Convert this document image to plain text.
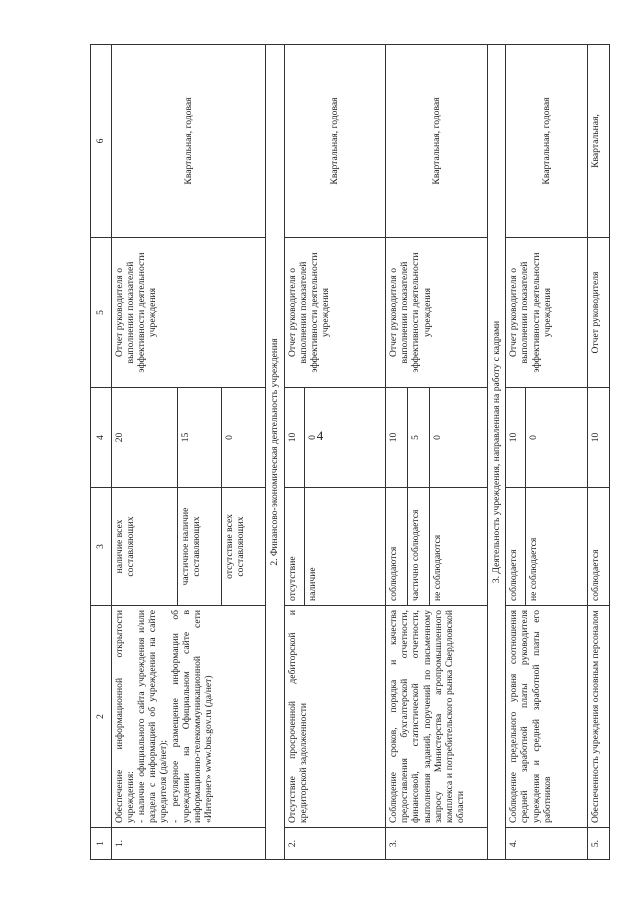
4
1	2	3	4	5	6
1.	Обеспечение информационной открытости учреждения: - наличие официального сайта учреждения и/или раздела с информацией об учреждении на сайте учредителя (да/нет); - регулярное размещение информации об учреждении на Официальном сайте в информационно-телекоммуникационной сети «Интернет» www.bus.gov.ru (да/нет)	наличие всех составляющих	20	Отчет руководителя о выполнении показателей эффективности деятельности учреждения	Квартальная, годовая
		частичное наличие составляющих	15		
		отсутствие всех составляющих	0		
2. Финансово-экономическая деятельность учреждения					
2.	Отсутствие просроченной дебиторской и кредиторской задолженности	отсутствие	10	Отчет руководителя о выполнении показателей эффективности деятельности учреждения	Квартальная, годовая
		наличие	0		
3.	Соблюдение сроков, порядка и качества предоставления бухгалтерской отчетности, финансовой, статистической отчетности, выполнения заданий, поручений по письменному запросу Министерства агропромышленного комплекса и потребительского рынка Свердловской области	соблюдаются	10	Отчет руководителя о выполнении показателей эффективности деятельности учреждения	Квартальная, годовая
		частично соблюдается	5		
		не соблюдаются	0		
3. Деятельность учреждения, направленная на работу с кадрами					
4.	Соблюдение предельного уровня соотношения средней заработной платы руководителя учреждения и средней заработной платы его работников	соблюдается	10	Отчет руководителя о выполнении показателей эффективности деятельности учреждения	Квартальная, годовая
		не соблюдается	0		
5.	Обеспеченность учреждения основным персоналом	соблюдается	10	Отчет руководителя	Квартальная,
